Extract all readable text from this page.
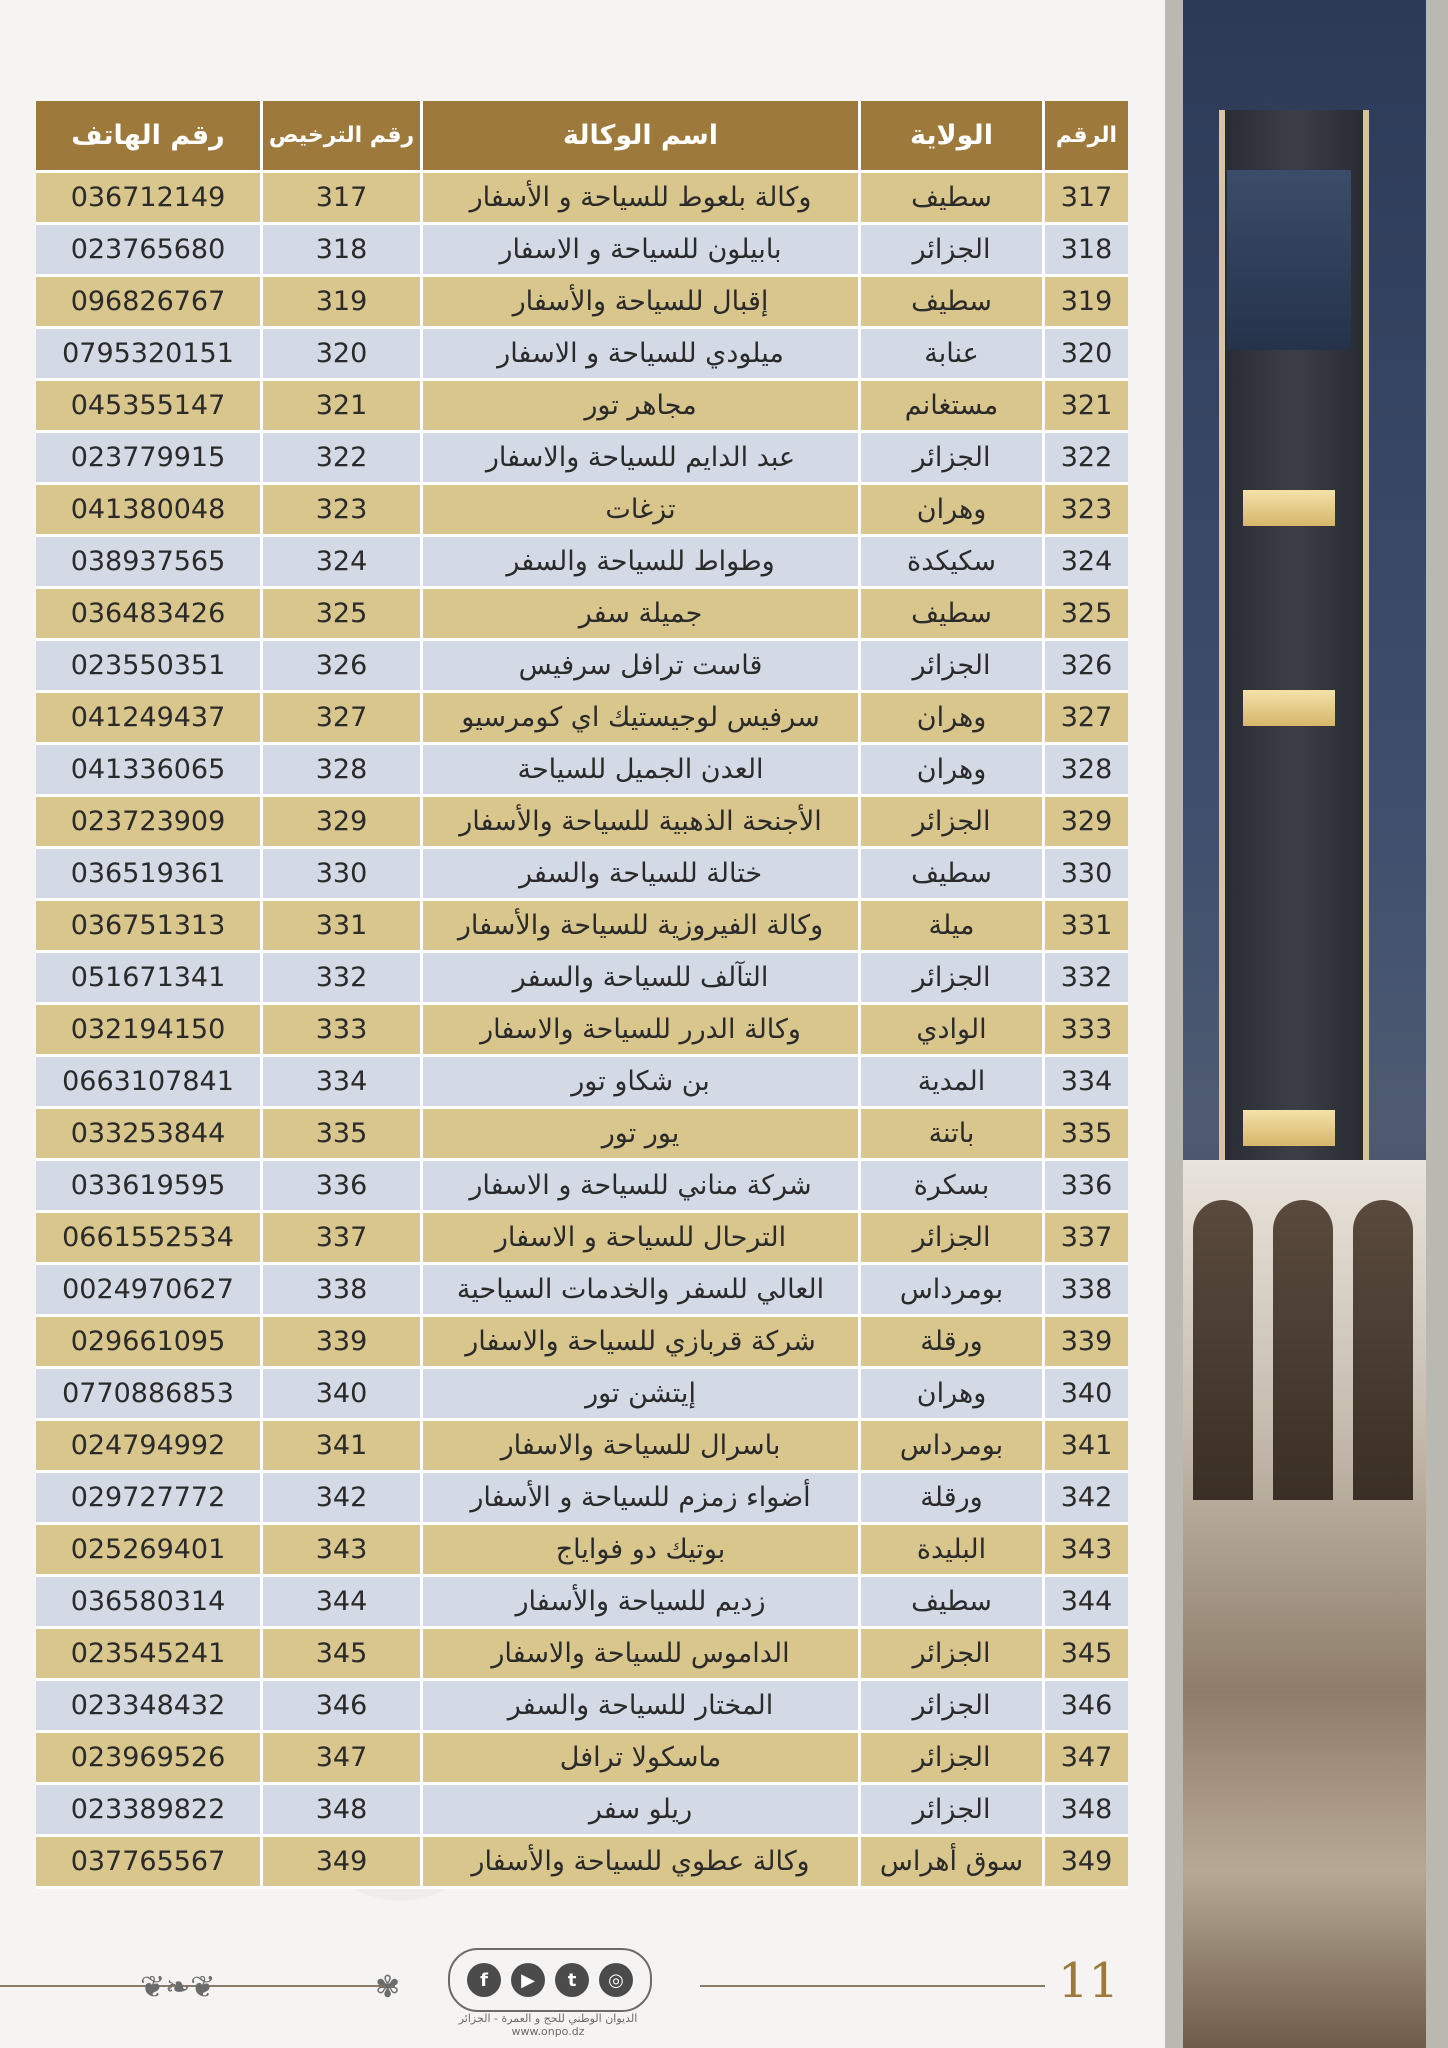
رقم الهاتف	رقم الترخيص	اسم الوكالة	الولاية	الرقم
036712149	317	وكالة بلعوط للسياحة و الأسفار	سطيف	317
023765680	318	بابيلون للسياحة و الاسفار	الجزائر	318
096826767	319	إقبال للسياحة والأسفار	سطيف	319
0795320151	320	ميلودي للسياحة و الاسفار	عنابة	320
045355147	321	مجاهر تور	مستغانم	321
023779915	322	عبد الدايم للسياحة والاسفار	الجزائر	322
041380048	323	تزغات	وهران	323
038937565	324	وطواط للسياحة والسفر	سكيكدة	324
036483426	325	جميلة سفر	سطيف	325
023550351	326	قاست ترافل سرفيس	الجزائر	326
041249437	327	سرفيس لوجيستيك اي كومرسيو	وهران	327
041336065	328	العدن الجميل للسياحة	وهران	328
023723909	329	الأجنحة الذهبية للسياحة والأسفار	الجزائر	329
036519361	330	ختالة للسياحة والسفر	سطيف	330
036751313	331	وكالة الفيروزية للسياحة والأسفار	ميلة	331
051671341	332	التآلف للسياحة والسفر	الجزائر	332
032194150	333	وكالة الدرر للسياحة والاسفار	الوادي	333
0663107841	334	بن شكاو تور	المدية	334
033253844	335	يور تور	باتنة	335
033619595	336	شركة مناني للسياحة و الاسفار	بسكرة	336
0661552534	337	الترحال للسياحة و الاسفار	الجزائر	337
0024970627	338	العالي للسفر والخدمات السياحية	بومرداس	338
029661095	339	شركة قربازي للسياحة والاسفار	ورقلة	339
0770886853	340	إيتشن تور	وهران	340
024794992	341	باسرال للسياحة والاسفار	بومرداس	341
029727772	342	أضواء زمزم للسياحة و الأسفار	ورقلة	342
025269401	343	بوتيك دو فواياج	البليدة	343
036580314	344	زديم للسياحة والأسفار	سطيف	344
023545241	345	الداموس للسياحة والاسفار	الجزائر	345
023348432	346	المختار للسياحة والسفر	الجزائر	346
023969526	347	ماسكولا ترافل	الجزائر	347
023389822	348	ريلو سفر	الجزائر	348
037765567	349	وكالة عطوي للسياحة والأسفار	سوق أهراس	349
❦❧❦	✾	f	▶	t	◎
الديوان الوطني للحج و العمرة - الجزائر
www.onpo.dz
11
